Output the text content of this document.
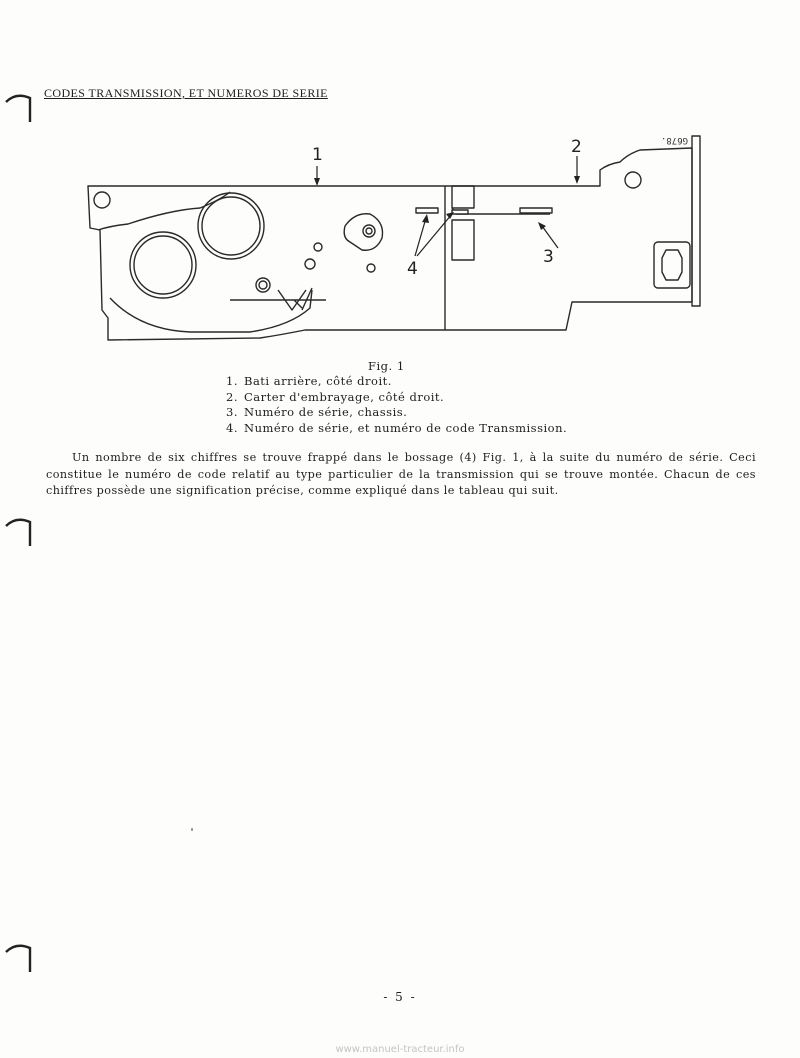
CODES TRANSMISSION, ET NUMEROS DE SERIE
1	2
3
4
G678.
Fig. 1
1. Bati arrière, côté droit.
2. Carter d'embrayage, côté droit.
3. Numéro de série, chassis.
4. Numéro de série, et numéro de code Transmission.

Un nombre de six chiffres se trouve frappé dans le bossage (4) Fig. 1, à la suite du numéro de série. Ceci constitue le numéro de code relatif au type particulier de la transmission qui se trouve montée. Chacun de ces chiffres possède une signification précise, comme expliqué dans le tableau qui suit.

- 5 -
www.manuel-tracteur.info
